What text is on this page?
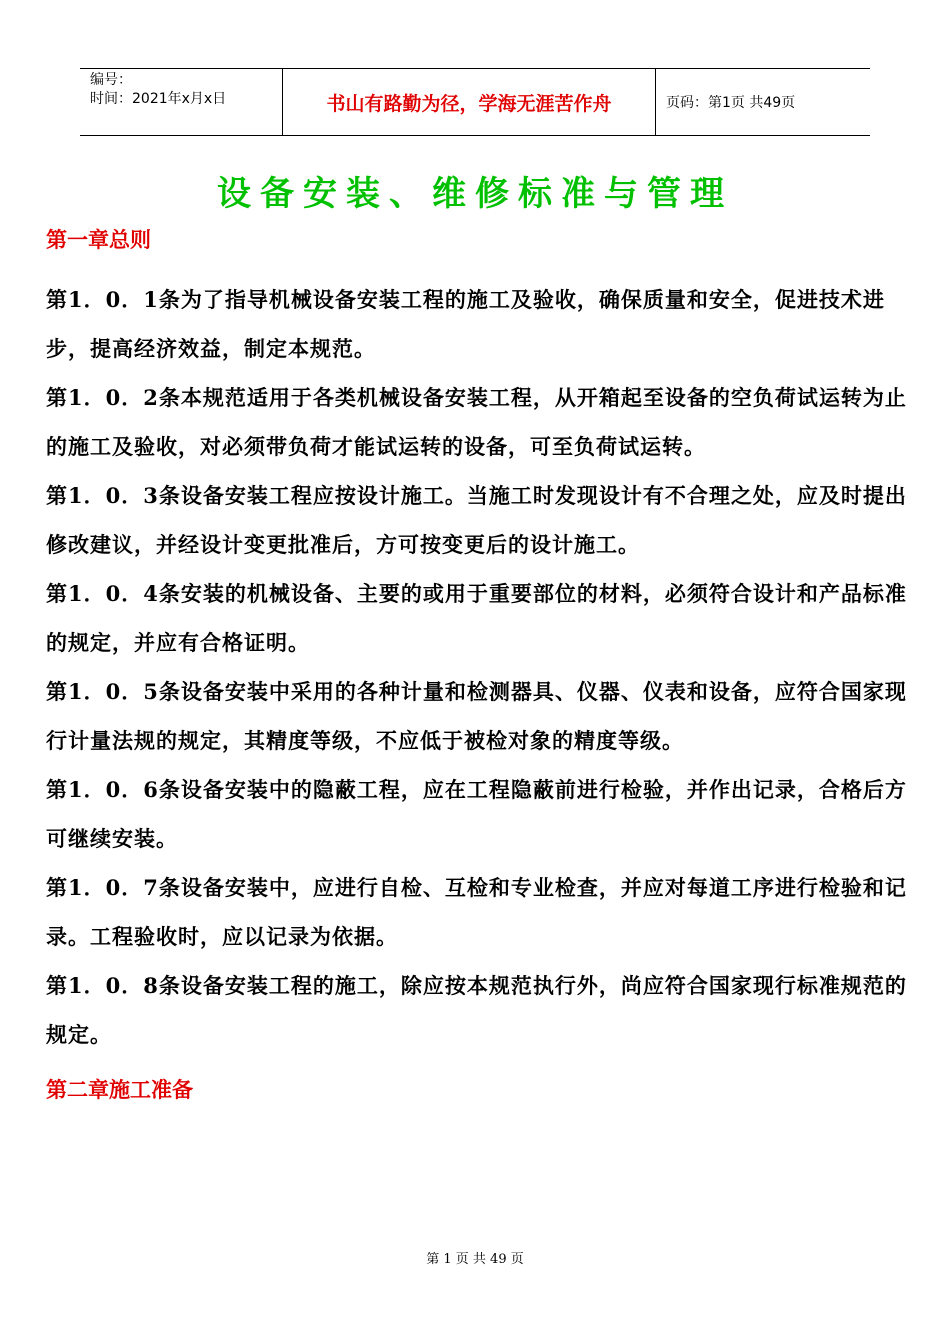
编号：
时间：2021年x月x日	书山有路勤为径，学海无涯苦作舟	页码：第1页 共49页
设备安装、维修标准与管理
第一章总则

第1．0．1条为了指导机械设备安装工程的施工及验收，确保质量和安全，促进技术进步，提高经济效益，制定本规范。

第1．0．2条本规范适用于各类机械设备安装工程，从开箱起至设备的空负荷试运转为止的施工及验收，对必须带负荷才能试运转的设备，可至负荷试运转。

第1．0．3条设备安装工程应按设计施工。当施工时发现设计有不合理之处，应及时提出修改建议，并经设计变更批准后，方可按变更后的设计施工。

第1．0．4条安装的机械设备、主要的或用于重要部位的材料，必须符合设计和产品标准的规定，并应有合格证明。

第1．0．5条设备安装中采用的各种计量和检测器具、仪器、仪表和设备，应符合国家现行计量法规的规定，其精度等级，不应低于被检对象的精度等级。

第1．0．6条设备安装中的隐蔽工程，应在工程隐蔽前进行检验，并作出记录，合格后方可继续安装。

第1．0．7条设备安装中，应进行自检、互检和专业检查，并应对每道工序进行检验和记录。工程验收时，应以记录为依据。

第1．0．8条设备安装工程的施工，除应按本规范执行外，尚应符合国家现行标准规范的规定。

第二章施工准备
第 1 页 共 49 页
